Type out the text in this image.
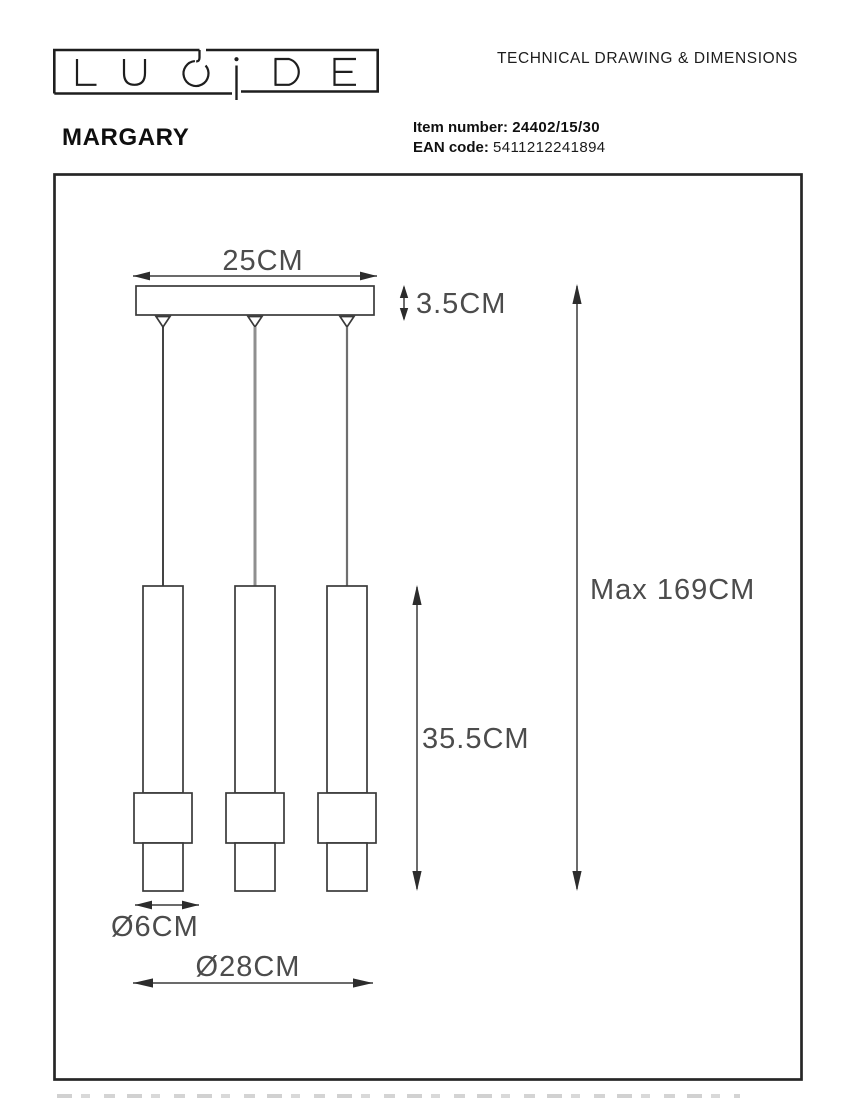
TECHNICAL DRAWING & DIMENSIONS
MARGARY	Item number: 24402/15/30
EAN code: 5411212241894
25CM
3.5CM
Max 169CM
35.5CM
Ø6CM
Ø28CM
